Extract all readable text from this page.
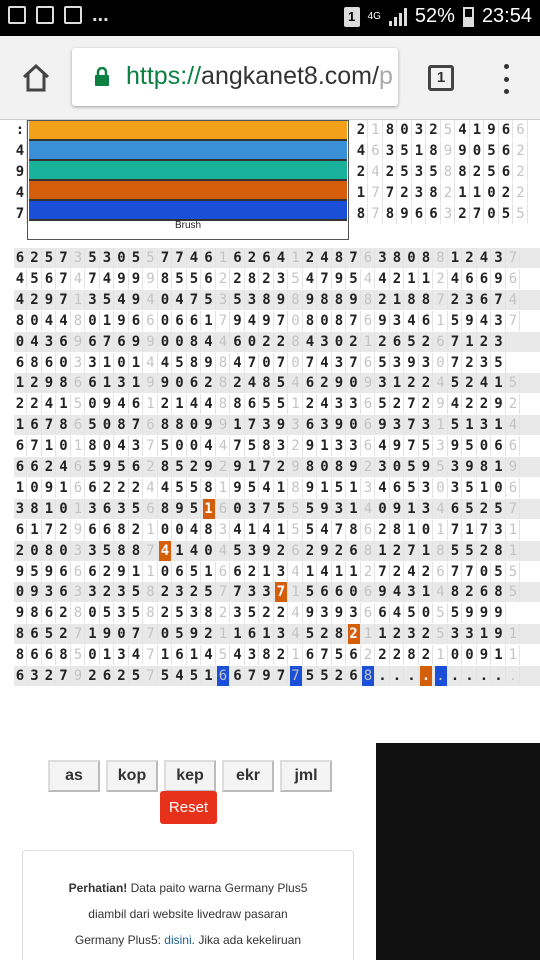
...	1	4G 52% 23:54
https://angkanet8.com/p	1
:	2 1 8 0 3 2 5 4 1 9 6 6
4	4 6 3 5 1 8 9 9 0 5 6 2
9	2 4 2 5 3 5 8 8 2 5 6 2
4	1 7 7 2 3 8 2 1 1 0 2 2
7	8 7 8 9 6 6 3 2 7 0 5 5
6 2 5 7 3 5 3 0 5 5 7 7 4 6 1 6 2 6 4 1 2 4 8 7 6 3 8 0 8 8 1 2 4 3 7
4 5 6 7 4 7 4 9 9 9 8 5 5 6 2 2 8 2 3 5 4 7 9 5 4 4 2 1 1 2 4 6 6 9 6
4 2 9 7 1 3 5 4 9 4 0 4 7 5 3 5 3 8 9 8 9 8 8 9 8 2 1 8 8 7 2 3 6 7 4
8 0 4 4 8 0 1 9 6 6 0 6 6 1 7 9 4 9 7 0 8 0 8 7 6 9 3 4 6 1 5 9 4 3 7
0 4 3 6 9 6 7 6 9 9 0 0 8 4 4 6 0 2 2 8 4 3 0 2 1 2 6 5 2 6 7 1 2 3
6 8 6 0 3 3 1 0 1 4 4 5 8 9 8 4 7 0 7 0 7 4 3 7 6 5 3 9 3 0 7 2 3 5
1 2 9 8 6 6 1 3 1 9 9 0 6 2 8 2 4 8 5 4 6 2 9 0 9 3 1 2 2 4 5 2 4 1 5
2 2 4 1 5 0 9 4 6 1 2 1 4 4 8 8 6 5 5 1 2 4 3 3 6 5 2 7 2 9 4 2 2 9 2
1 6 7 8 6 5 0 8 7 6 8 8 0 9 9 1 7 3 9 3 6 3 9 0 6 9 3 7 3 1 5 1 3 1 4
6 7 1 0 1 8 0 4 3 7 5 0 0 4 4 7 5 8 3 2 9 1 3 3 6 4 9 7 5 3 9 5 0 6 6
6 6 2 4 6 5 9 5 6 2 8 5 2 9 2 9 1 7 2 9 8 0 8 9 2 3 0 5 9 5 3 9 8 1 9
1 0 9 1 6 6 2 2 2 4 4 5 5 8 1 9 5 4 1 8 9 1 5 1 3 4 6 5 3 0 3 5 1 0 6
3 8 1 0 1 3 6 3 5 6 8 9 5 1 6 0 3 7 5 5 5 9 3 1 4 0 9 1 3 4 6 5 2 5 7
6 1 7 2 9 6 6 8 2 1 0 0 4 8 3 4 1 4 1 5 5 4 7 8 6 2 8 1 0 1 7 1 7 3 1
2 0 8 0 3 3 5 8 8 7 4 1 4 0 4 5 3 9 2 6 2 9 2 6 8 1 2 7 1 8 5 5 2 8 1
9 5 9 6 6 6 2 9 1 1 0 6 5 1 6 6 2 1 3 4 1 4 1 1 2 7 2 4 2 6 7 7 0 5 5
0 9 3 6 3 3 2 3 5 8 2 3 2 5 7 7 3 3 7 1 5 6 6 0 6 9 4 3 1 4 8 2 6 8 5
9 8 6 2 8 0 5 3 5 8 2 5 3 8 2 3 5 2 2 4 9 3 9 3 6 6 4 5 0 5 5 9 9 9
8 6 5 2 7 1 9 0 7 7 0 5 9 2 1 1 6 1 3 4 5 2 8 2 1 1 2 3 2 5 3 3 1 9 1
8 6 6 8 5 0 1 3 4 7 1 6 1 4 5 4 3 8 2 1 6 7 5 6 2 2 2 8 2 1 0 0 9 1 1
6 3 2 7 9 2 6 2 5 7 5 4 5 1 6 6 7 9 7 7 5 5 2 6 8 . . . . . . . . . .
Brush
as	kop	kep	ekr	jml
Reset

Perhatian! Data paito warna Germany Plus5

diambil dari website livedraw pasaran

Germany Plus5: disini. Jika ada kekeliruan
